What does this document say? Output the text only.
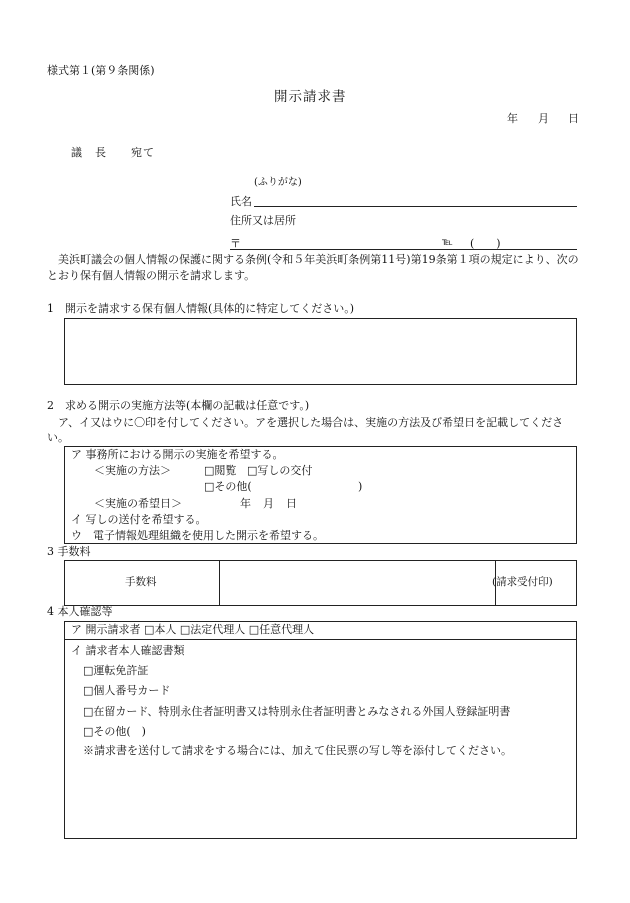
様式第１(第９条関係)
開示請求書
年 月 日
議　長　　宛て
(ふりがな)
氏名
住所又は居所
〒	℡ (　　)
　美浜町議会の個人情報の保護に関する条例(令和５年美浜町条例第11号)第19条第１項の規定により、次のとおり保有個人情報の開示を請求します。
1　開示を請求する保有個人情報(具体的に特定してください。)
2　求める開示の実施方法等(本欄の記載は任意です。)
　ア、イ又はウに〇印を付してください。アを選択した場合は、実施の方法及び希望日を記載してください。
ア 事務所における開示の実施を希望する。
＜実施の方法＞	□閲覧 □写しの交付
□その他(	)
＜実施の希望日＞	年 月 日
イ 写しの送付を希望する。
ウ　電子情報処理組織を使用した開示を希望する。
3 手数料
手数料	(請求受付印)
4 本人確認等
ア 開示請求者 □本人 □法定代理人 □任意代理人
イ 請求者本人確認書類
□運転免許証
□個人番号カード
□在留カード、特別永住者証明書又は特別永住者証明書とみなされる外国人登録証明書
□その他(　)
※請求書を送付して請求をする場合には、加えて住民票の写し等を添付してください。
